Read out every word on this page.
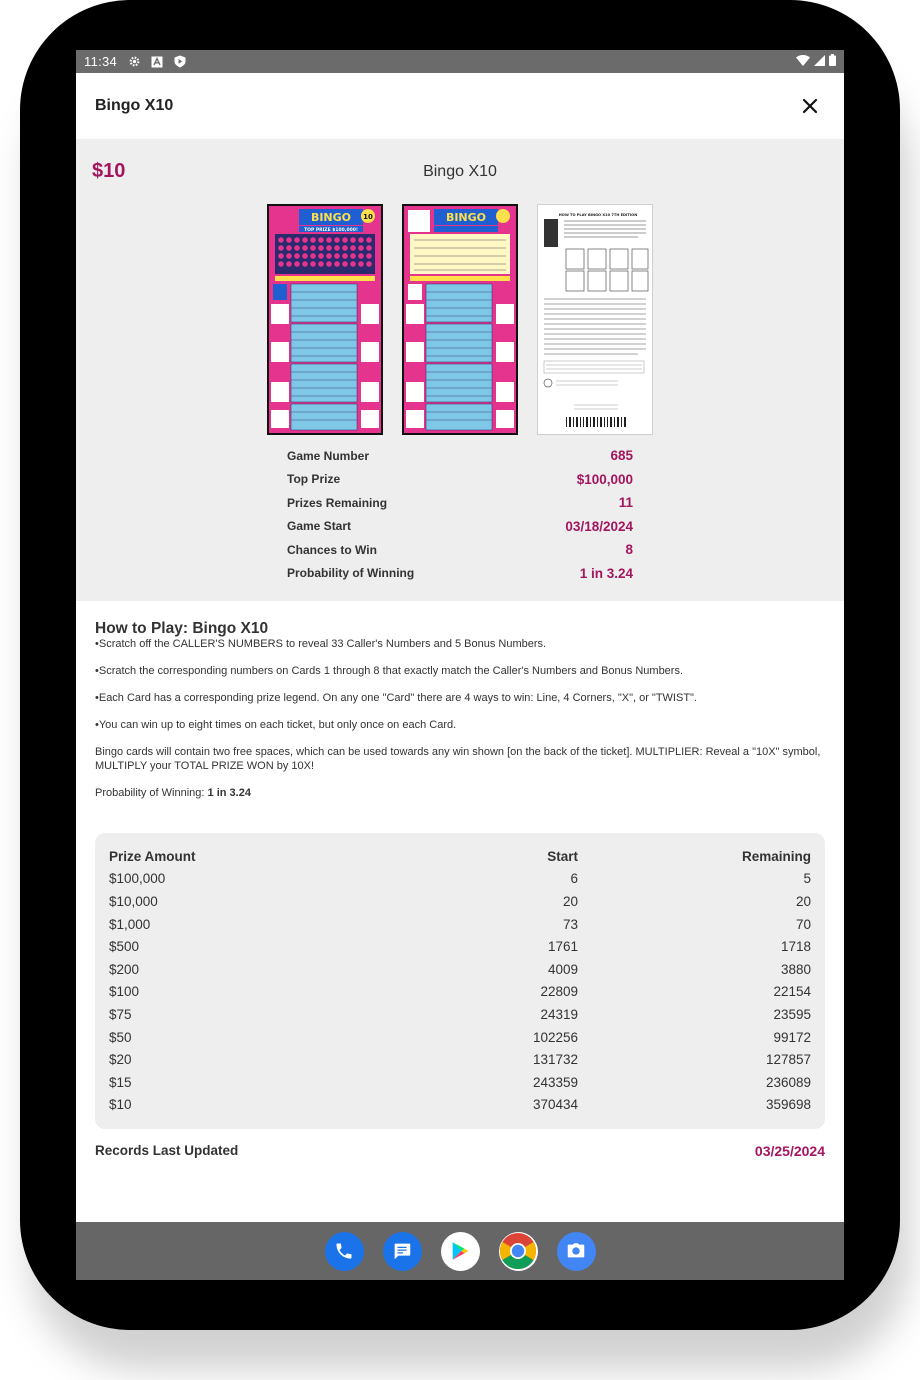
11:34
Bingo X10
$10	Bingo X10
BINGO 10
TOP PRIZE $100,000!
BINGO	HOW TO PLAY BINGO X10 7TH EDITION
Game Number	685
Top Prize	$100,000
Prizes Remaining	11
Game Start	03/18/2024
Chances to Win	8
Probability of Winning	1 in 3.24
How to Play: Bingo X10

•Scratch off the CALLER'S NUMBERS to reveal 33 Caller's Numbers and 5 Bonus Numbers.

•Scratch the corresponding numbers on Cards 1 through 8 that exactly match the Caller's Numbers and Bonus Numbers.

•Each Card has a corresponding prize legend. On any one "Card" there are 4 ways to win: Line, 4 Corners, "X", or "TWIST".

•You can win up to eight times on each ticket, but only once on each Card.

Bingo cards will contain two free spaces, which can be used towards any win shown [on the back of the ticket]. MULTIPLIER: Reveal a "10X" symbol, MULTIPLY your TOTAL PRIZE WON by 10X!

Probability of Winning: 1 in 3.24
Prize Amount	Start	Remaining
$100,000	6	5
$10,000	20	20
$1,000	73	70
$500	1761	1718
$200	4009	3880
$100	22809	22154
$75	24319	23595
$50	102256	99172
$20	131732	127857
$15	243359	236089
$10	370434	359698
Records Last Updated	03/25/2024
